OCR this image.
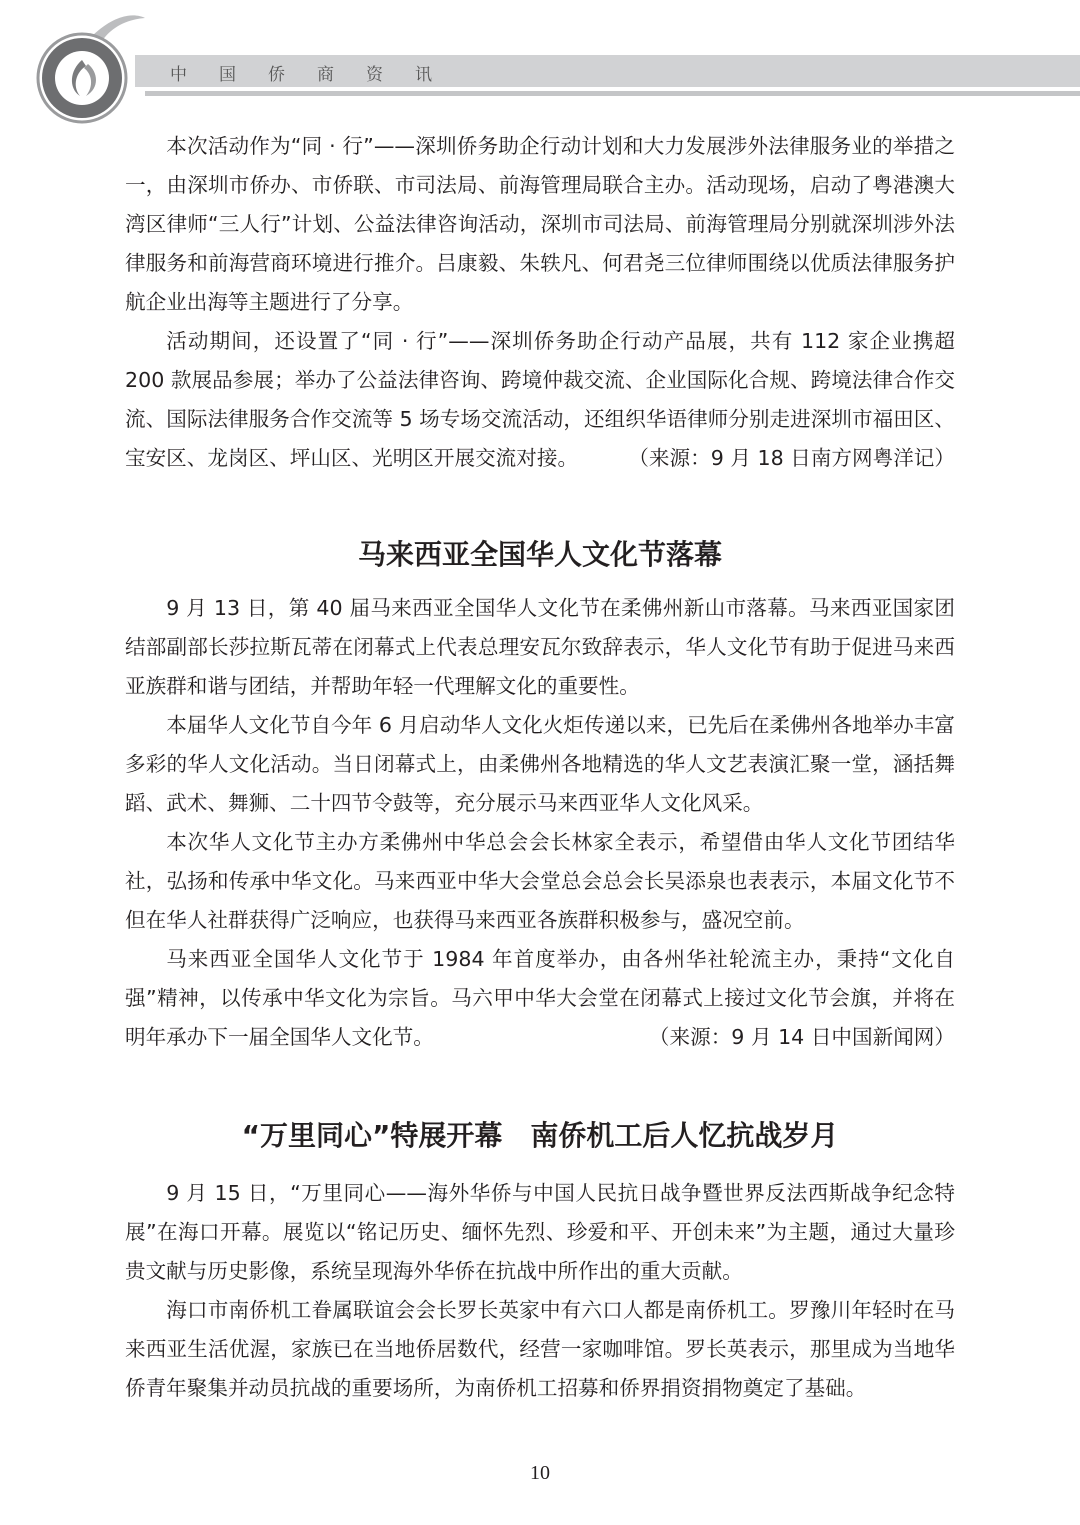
中国侨商资讯

本次活动作为“同 · 行”——深圳侨务助企行动计划和大力发展涉外法律服务业的举措之一，由深圳市侨办、市侨联、市司法局、前海管理局联合主办。活动现场，启动了粤港澳大湾区律师“三人行”计划、公益法律咨询活动，深圳市司法局、前海管理局分别就深圳涉外法律服务和前海营商环境进行推介。吕康毅、朱轶凡、何君尧三位律师围绕以优质法律服务护航企业出海等主题进行了分享。

活动期间，还设置了“同 · 行”——深圳侨务助企行动产品展，共有 112 家企业携超 200 款展品参展；举办了公益法律咨询、跨境仲裁交流、企业国际化合规、跨境法律合作交流、国际法律服务合作交流等 5 场专场交流活动，还组织华语律师分别走进深圳市福田区、宝安区、龙岗区、坪山区、光明区开展交流对接。 （来源：9 月 18 日南方网粤洋记）

马来西亚全国华人文化节落幕

9 月 13 日，第 40 届马来西亚全国华人文化节在柔佛州新山市落幕。马来西亚国家团结部副部长莎拉斯瓦蒂在闭幕式上代表总理安瓦尔致辞表示，华人文化节有助于促进马来西亚族群和谐与团结，并帮助年轻一代理解文化的重要性。

本届华人文化节自今年 6 月启动华人文化火炬传递以来，已先后在柔佛州各地举办丰富多彩的华人文化活动。当日闭幕式上，由柔佛州各地精选的华人文艺表演汇聚一堂，涵括舞蹈、武术、舞狮、二十四节令鼓等，充分展示马来西亚华人文化风采。

本次华人文化节主办方柔佛州中华总会会长林家全表示，希望借由华人文化节团结华社，弘扬和传承中华文化。马来西亚中华大会堂总会总会长吴添泉也表表示，本届文化节不但在华人社群获得广泛响应，也获得马来西亚各族群积极参与，盛况空前。

马来西亚全国华人文化节于 1984 年首度举办，由各州华社轮流主办，秉持“文化自强”精神，以传承中华文化为宗旨。马六甲中华大会堂在闭幕式上接过文化节会旗，并将在明年承办下一届全国华人文化节。	（来源：9 月 14 日中国新闻网）

“万里同心”特展开幕　南侨机工后人忆抗战岁月

9 月 15 日，“万里同心——海外华侨与中国人民抗日战争暨世界反法西斯战争纪念特展”在海口开幕。展览以“铭记历史、缅怀先烈、珍爱和平、开创未来”为主题，通过大量珍贵文献与历史影像，系统呈现海外华侨在抗战中所作出的重大贡献。

海口市南侨机工眷属联谊会会长罗长英家中有六口人都是南侨机工。罗豫川年轻时在马来西亚生活优渥，家族已在当地侨居数代，经营一家咖啡馆。罗长英表示，那里成为当地华侨青年聚集并动员抗战的重要场所，为南侨机工招募和侨界捐资捐物奠定了基础。

10
